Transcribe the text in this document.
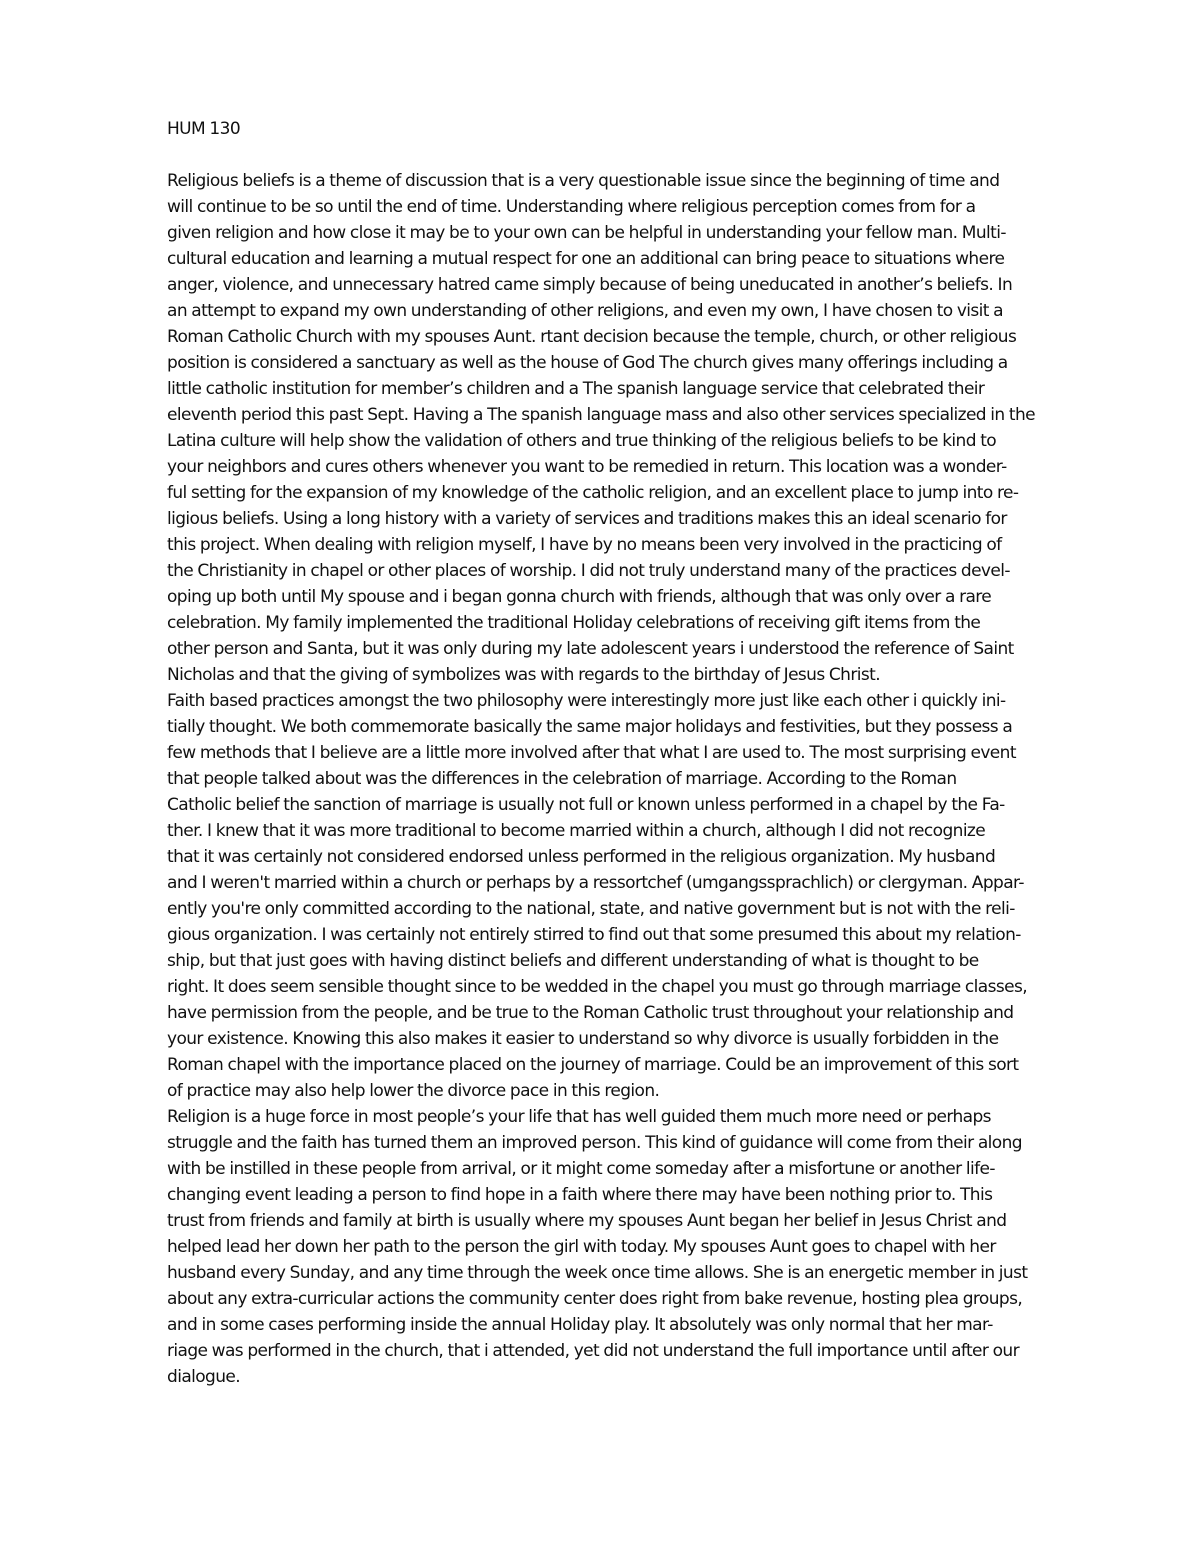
HUM 130
Religious beliefs is a theme of discussion that is a very questionable issue since the beginning of time and
will continue to be so until the end of time. Understanding where religious perception comes from for a
given religion and how close it may be to your own can be helpful in understanding your fellow man. Multi-
cultural education and learning a mutual respect for one an additional can bring peace to situations where
anger, violence, and unnecessary hatred came simply because of being uneducated in another’s beliefs. In
an attempt to expand my own understanding of other religions, and even my own, I have chosen to visit a
Roman Catholic Church with my spouses Aunt. rtant decision because the temple, church, or other religious
position is considered a sanctuary as well as the house of God The church gives many offerings including a
little catholic institution for member’s children and a The spanish language service that celebrated their
eleventh period this past Sept. Having a The spanish language mass and also other services specialized in the
Latina culture will help show the validation of others and true thinking of the religious beliefs to be kind to
your neighbors and cures others whenever you want to be remedied in return. This location was a wonder-
ful setting for the expansion of my knowledge of the catholic religion, and an excellent place to jump into re-
ligious beliefs. Using a long history with a variety of services and traditions makes this an ideal scenario for
this project. When dealing with religion myself, I have by no means been very involved in the practicing of
the Christianity in chapel or other places of worship. I did not truly understand many of the practices devel-
oping up both until My spouse and i began gonna church with friends, although that was only over a rare
celebration. My family implemented the traditional Holiday celebrations of receiving gift items from the
other person and Santa, but it was only during my late adolescent years i understood the reference of Saint
Nicholas and that the giving of symbolizes was with regards to the birthday of Jesus Christ.
Faith based practices amongst the two philosophy were interestingly more just like each other i quickly ini-
tially thought. We both commemorate basically the same major holidays and festivities, but they possess a
few methods that I believe are a little more involved after that what I are used to. The most surprising event
that people talked about was the differences in the celebration of marriage. According to the Roman
Catholic belief the sanction of marriage is usually not full or known unless performed in a chapel by the Fa-
ther. I knew that it was more traditional to become married within a church, although I did not recognize
that it was certainly not considered endorsed unless performed in the religious organization. My husband
and I weren't married within a church or perhaps by a ressortchef (umgangssprachlich) or clergyman. Appar-
ently you're only committed according to the national, state, and native government but is not with the reli-
gious organization. I was certainly not entirely stirred to find out that some presumed this about my relation-
ship, but that just goes with having distinct beliefs and different understanding of what is thought to be
right. It does seem sensible thought since to be wedded in the chapel you must go through marriage classes,
have permission from the people, and be true to the Roman Catholic trust throughout your relationship and
your existence. Knowing this also makes it easier to understand so why divorce is usually forbidden in the
Roman chapel with the importance placed on the journey of marriage. Could be an improvement of this sort
of practice may also help lower the divorce pace in this region.
Religion is a huge force in most people’s your life that has well guided them much more need or perhaps
struggle and the faith has turned them an improved person. This kind of guidance will come from their along
with be instilled in these people from arrival, or it might come someday after a misfortune or another life-
changing event leading a person to find hope in a faith where there may have been nothing prior to. This
trust from friends and family at birth is usually where my spouses Aunt began her belief in Jesus Christ and
helped lead her down her path to the person the girl with today. My spouses Aunt goes to chapel with her
husband every Sunday, and any time through the week once time allows. She is an energetic member in just
about any extra-curricular actions the community center does right from bake revenue, hosting plea groups,
and in some cases performing inside the annual Holiday play. It absolutely was only normal that her mar-
riage was performed in the church, that i attended, yet did not understand the full importance until after our
dialogue.
